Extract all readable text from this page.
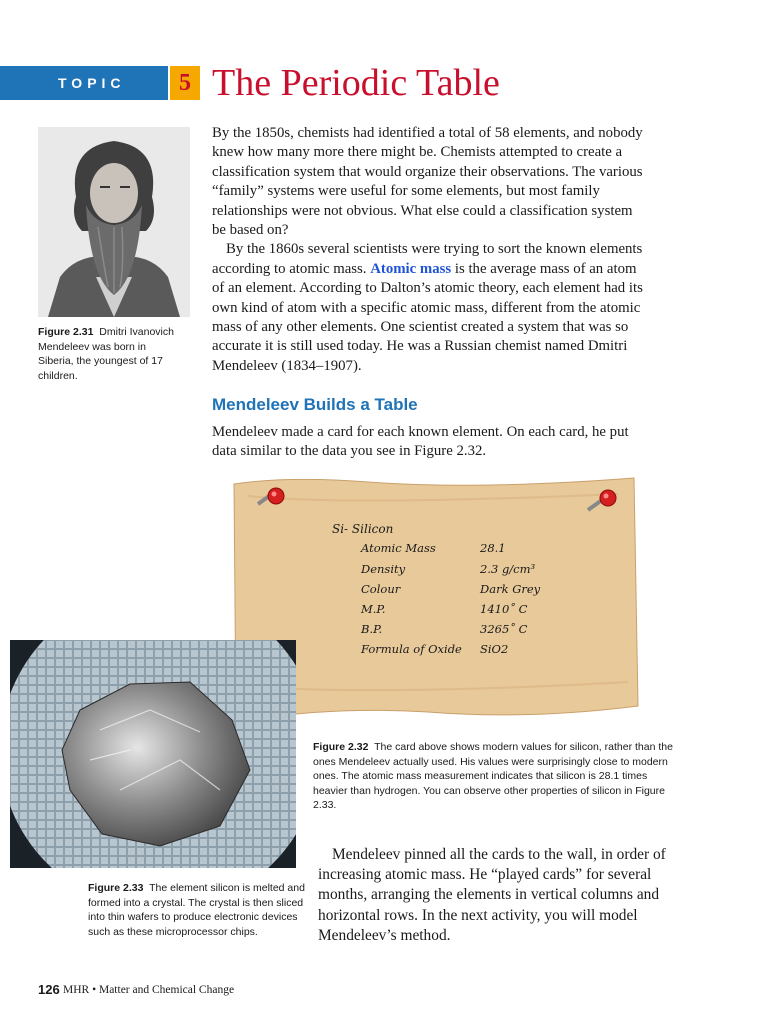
TOPIC	5 The Periodic Table
Figure 2.31 Dmitri Ivanovich Mendeleev was born in Siberia, the youngest of 17 children.

By the 1850s, chemists had identified a total of 58 elements, and nobody knew how many more there might be. Chemists attempted to create a classification system that would organize their observations. The various “family” systems were useful for some elements, but most family relationships were not obvious. What else could a classification system be based on?

By the 1860s several scientists were trying to sort the known elements according to atomic mass. Atomic mass is the average mass of an atom of an element. According to Dalton’s atomic theory, each element had its own kind of atom with a specific atomic mass, different from the atomic mass of any other elements. One scientist created a system that was so accurate it is still used today. He was a Russian chemist named Dmitri Mendeleev (1834–1907).

Mendeleev Builds a Table
Mendeleev made a card for each known element. On each card, he put data similar to the data you see in Figure 2.32.
Si- Silicon
Atomic Mass	28.1
Density	2.3 g/cm³
Colour	Dark Grey
M.P.	1410˚ C
B.P.	3265˚ C
Formula of Oxide SiO2
Figure 2.32 The card above shows modern values for silicon, rather than the ones Mendeleev actually used. His values were surprisingly close to modern ones. The atomic mass measurement indicates that silicon is 28.1 times heavier than hydrogen. You can observe other properties of silicon in Figure 2.33.
Figure 2.33 The element silicon is melted and formed into a crystal. The crystal is then sliced into thin wafers to produce electronic devices such as these microprocessor chips.

Mendeleev pinned all the cards to the wall, in order of increasing atomic mass. He “played cards” for several months, arranging the elements in vertical columns and horizontal rows. In the next activity, you will model Mendeleev’s method.

126 MHR • Matter and Chemical Change
